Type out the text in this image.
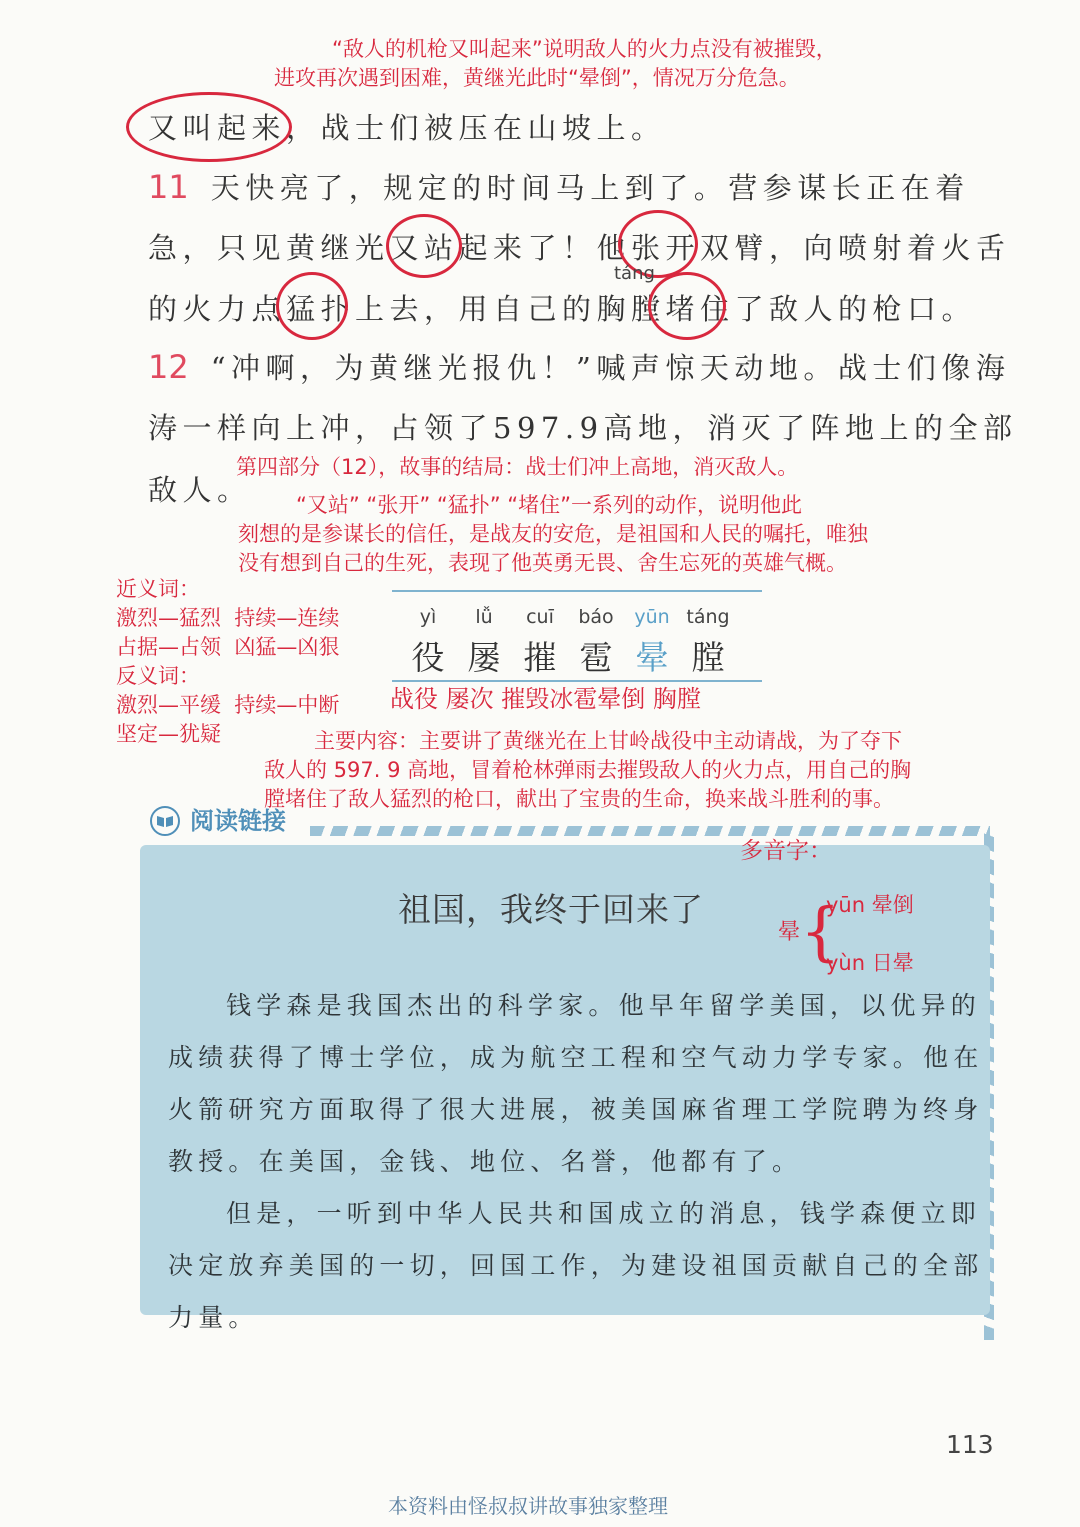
“敌人的机枪又叫起来”说明敌人的火力点没有被摧毁，
进攻再次遇到困难，黄继光此时“晕倒”，情况万分危急。
又叫起来，战士们被压在山坡上。
11 天快亮了，规定的时间马上到了。营参谋长正在着
急，只见黄继光又站起来了！他张开双臂，向喷射着火舌
táng
的火力点猛扑上去，用自己的胸膛堵住了敌人的枪口。
12 “冲啊，为黄继光报仇！”喊声惊天动地。战士们像海
涛一样向上冲，占领了597.9高地，消灭了阵地上的全部
敌人。
第四部分（12），故事的结局：战士们冲上高地，消灭敌人。
“又站” “张开” “猛扑” “堵住”一系列的动作，说明他此
刻想的是参谋长的信任，是战友的安危，是祖国和人民的嘱托，唯独
没有想到自己的生死，表现了他英勇无畏、舍生忘死的英雄气概。
近义词：
激烈—猛烈  持续—连续
占据—占领  凶猛—凶狠
反义词：
激烈—平缓  持续—中断
坚定—犹疑
yì
役
lǚ
屡
cuī
摧
báo
雹
yūn
晕
táng
膛
战役 屡次 摧毁冰雹晕倒 胸膛
主要内容：主要讲了黄继光在上甘岭战役中主动请战，为了夺下
敌人的 597. 9 高地，冒着枪林弹雨去摧毁敌人的火力点，用自己的胸
膛堵住了敌人猛烈的枪口，献出了宝贵的生命，换来战斗胜利的事。
阅读链接
多音字：
祖国，我终于回来了
晕 {
yūn 晕倒
yùn 日晕
钱学森是我国杰出的科学家。他早年留学美国，以优异的
成绩获得了博士学位，成为航空工程和空气动力学专家。他在
火箭研究方面取得了很大进展，被美国麻省理工学院聘为终身
教授。在美国，金钱、地位、名誉，他都有了。
但是，一听到中华人民共和国成立的消息，钱学森便立即
决定放弃美国的一切，回国工作，为建设祖国贡献自己的全部
力量。
113
本资料由怪叔叔讲故事独家整理
